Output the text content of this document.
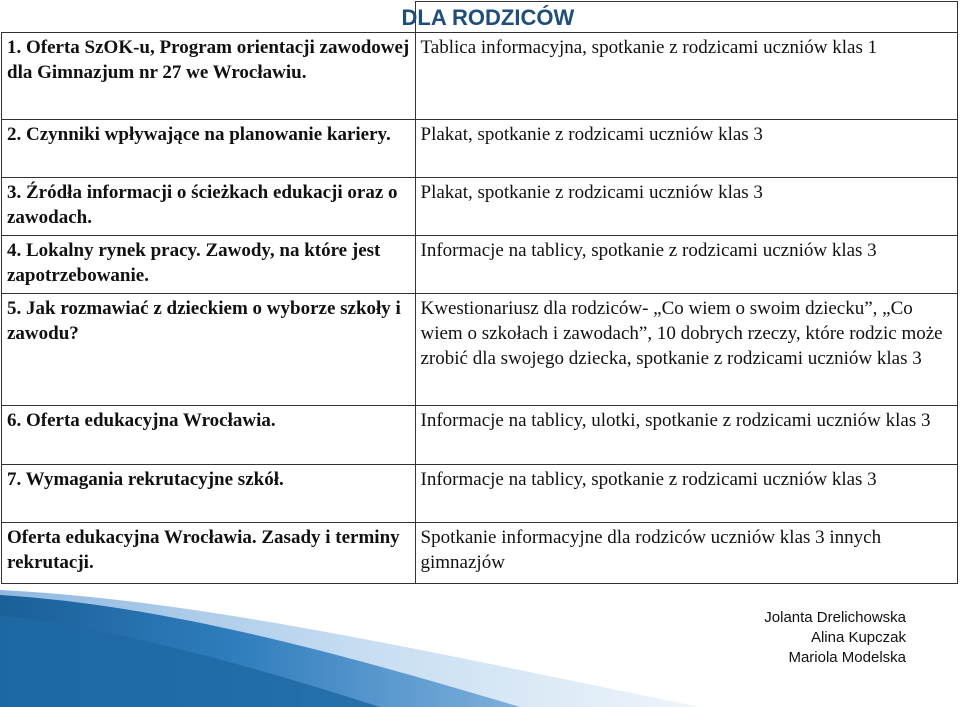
	DLA RODZICÓW
1. Oferta SzOK-u, Program orientacji zawodowej dla Gimnazjum nr 27 we Wrocławiu.	Tablica informacyjna, spotkanie z rodzicami uczniów klas 1
2. Czynniki wpływające na planowanie kariery.	Plakat, spotkanie z rodzicami uczniów klas 3
3. Źródła informacji o ścieżkach edukacji oraz o zawodach.	Plakat, spotkanie z rodzicami uczniów klas 3
4. Lokalny rynek pracy. Zawody, na które jest zapotrzebowanie.	Informacje na tablicy, spotkanie z rodzicami uczniów klas 3
5. Jak rozmawiać z dzieckiem o wyborze szkoły i zawodu?	Kwestionariusz dla rodziców- „Co wiem o swoim dziecku”, „Co wiem o szkołach i zawodach”, 10 dobrych rzeczy, które rodzic może zrobić dla swojego dziecka, spotkanie z rodzicami uczniów klas 3
6. Oferta edukacyjna Wrocławia.	Informacje na tablicy, ulotki, spotkanie z rodzicami uczniów klas 3
7. Wymagania rekrutacyjne szkół.	Informacje na tablicy, spotkanie z rodzicami uczniów klas 3
Oferta edukacyjna Wrocławia. Zasady i terminy rekrutacji.	Spotkanie informacyjne dla rodziców uczniów klas 3 innych gimnazjów
Jolanta Drelichowska
Alina Kupczak
Mariola Modelska
